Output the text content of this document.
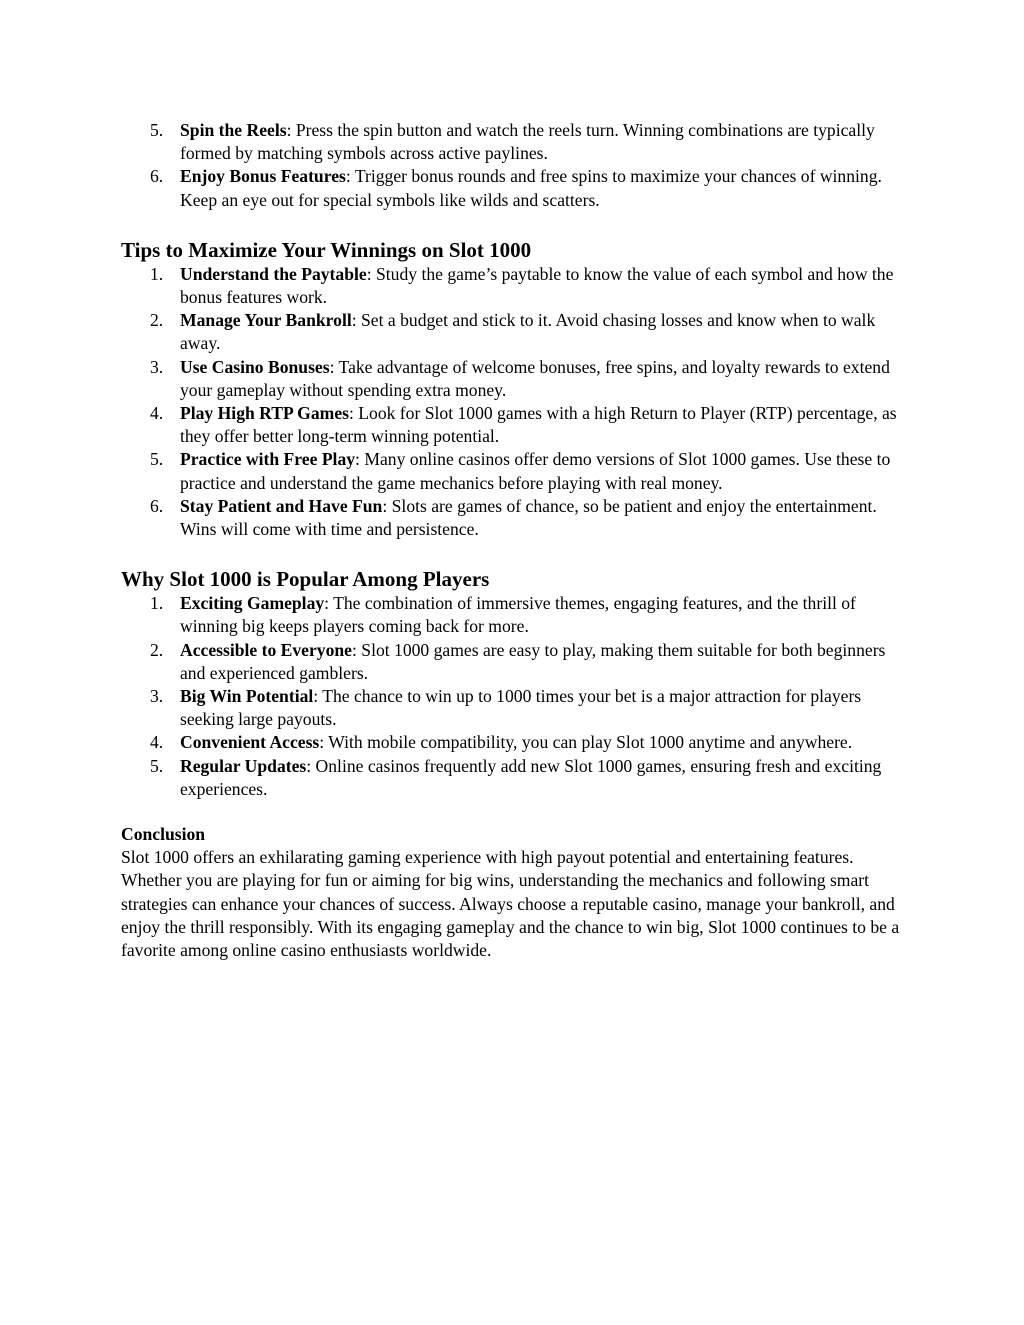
5. Spin the Reels: Press the spin button and watch the reels turn. Winning combinations are typically formed by matching symbols across active paylines.
6. Enjoy Bonus Features: Trigger bonus rounds and free spins to maximize your chances of winning. Keep an eye out for special symbols like wilds and scatters.
Tips to Maximize Your Winnings on Slot 1000
1. Understand the Paytable: Study the game’s paytable to know the value of each symbol and how the bonus features work.
2. Manage Your Bankroll: Set a budget and stick to it. Avoid chasing losses and know when to walk away.
3. Use Casino Bonuses: Take advantage of welcome bonuses, free spins, and loyalty rewards to extend your gameplay without spending extra money.
4. Play High RTP Games: Look for Slot 1000 games with a high Return to Player (RTP) percentage, as they offer better long-term winning potential.
5. Practice with Free Play: Many online casinos offer demo versions of Slot 1000 games. Use these to practice and understand the game mechanics before playing with real money.
6. Stay Patient and Have Fun: Slots are games of chance, so be patient and enjoy the entertainment. Wins will come with time and persistence.
Why Slot 1000 is Popular Among Players
1. Exciting Gameplay: The combination of immersive themes, engaging features, and the thrill of winning big keeps players coming back for more.
2. Accessible to Everyone: Slot 1000 games are easy to play, making them suitable for both beginners and experienced gamblers.
3. Big Win Potential: The chance to win up to 1000 times your bet is a major attraction for players seeking large payouts.
4. Convenient Access: With mobile compatibility, you can play Slot 1000 anytime and anywhere.
5. Regular Updates: Online casinos frequently add new Slot 1000 games, ensuring fresh and exciting experiences.
Conclusion

Slot 1000 offers an exhilarating gaming experience with high payout potential and entertaining features. Whether you are playing for fun or aiming for big wins, understanding the mechanics and following smart strategies can enhance your chances of success. Always choose a reputable casino, manage your bankroll, and enjoy the thrill responsibly. With its engaging gameplay and the chance to win big, Slot 1000 continues to be a favorite among online casino enthusiasts worldwide.
